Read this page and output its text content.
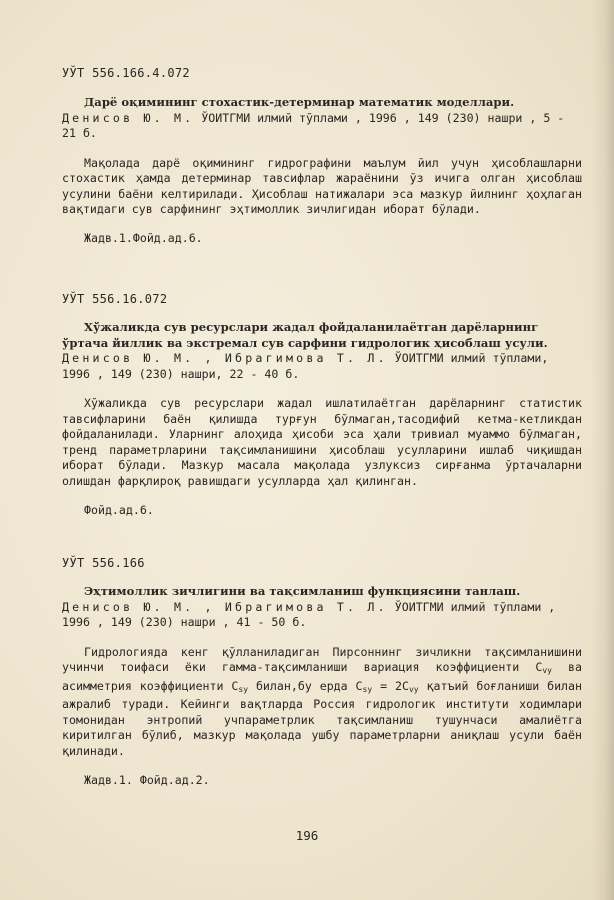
УЎТ 556.166.4.072

Дарё оқимининг стохастик-детерминар математик моделлари. Денисов Ю. М. ЎОИТГМИ илмий тўплами , 1996 , 149 (230) нашри , 5 - 21 б.

Мақолада дарё оқимининг гидрографини маълум йил учун ҳисоблашларни стохастик ҳамда детерминар тавсифлар жараёнини ўз ичига олган ҳисоблаш усулини баёни келтирилади. Ҳисоблаш натижалари эса мазкур йилнинг ҳоҳлаган вақтидаги сув сарфининг эҳтимоллик зичлигидан иборат бўлади.

Жадв.1.Фойд.ад.6.

УЎТ 556.16.072

Хўжаликда сув ресурслари жадал фойдаланилаётган дарёларнинг ўртача йиллик ва экстремал сув сарфини гидрологик ҳисоблаш усули. Денисов Ю. М. , Ибрагимова Т. Л. ЎОИТГМИ илмий тўплами, 1996 , 149 (230) нашри, 22 - 40 б.

Хўжаликда сув ресурслари жадал ишлатилаётган дарёларнинг статистик тавсифларини баён қилишда турғун бўлмаган,тасодифий кетма-кетликдан фойдаланилади. Уларнинг алоҳида ҳисоби эса ҳали тривиал муаммо бўлмаган, тренд параметрларини тақсимланишини ҳисоблаш усулларини ишлаб чиқишдан иборат бўлади. Мазкур масала мақолада узлуксиз сирғанма ўртачаларни олишдан фарқлироқ равишдаги усулларда ҳал қилинган.

Фойд.ад.6.

УЎТ 556.166

Эҳтимоллик зичлигини ва тақсимланиш функциясини танлаш. Денисов Ю. М. , Ибрагимова Т. Л. ЎОИТГМИ илмий тўплами , 1996 , 149 (230) нашри , 41 - 50 б.

Гидрологияда кенг қўлланиладиган Пирсоннинг зичликни тақсимланишини учинчи тоифаси ёки гамма-тақсимланиши вариация коэффициенти $C_{vy}$ ва асимметрия коэффициенти $C_{sy}$ билан,бу ерда $C_{sy} = 2C_{vy}$ қатъий боғланиши билан ажралиб туради. Кейинги вақтларда Россия гидрологик институти ходимлари томонидан энтропий учпараметрлик тақсимланиш тушунчаси амалиётга киритилган бўлиб, мазкур мақолада ушбу параметрларни аниқлаш усули баён қилинади.

Жадв.1. Фойд.ад.2.

196
